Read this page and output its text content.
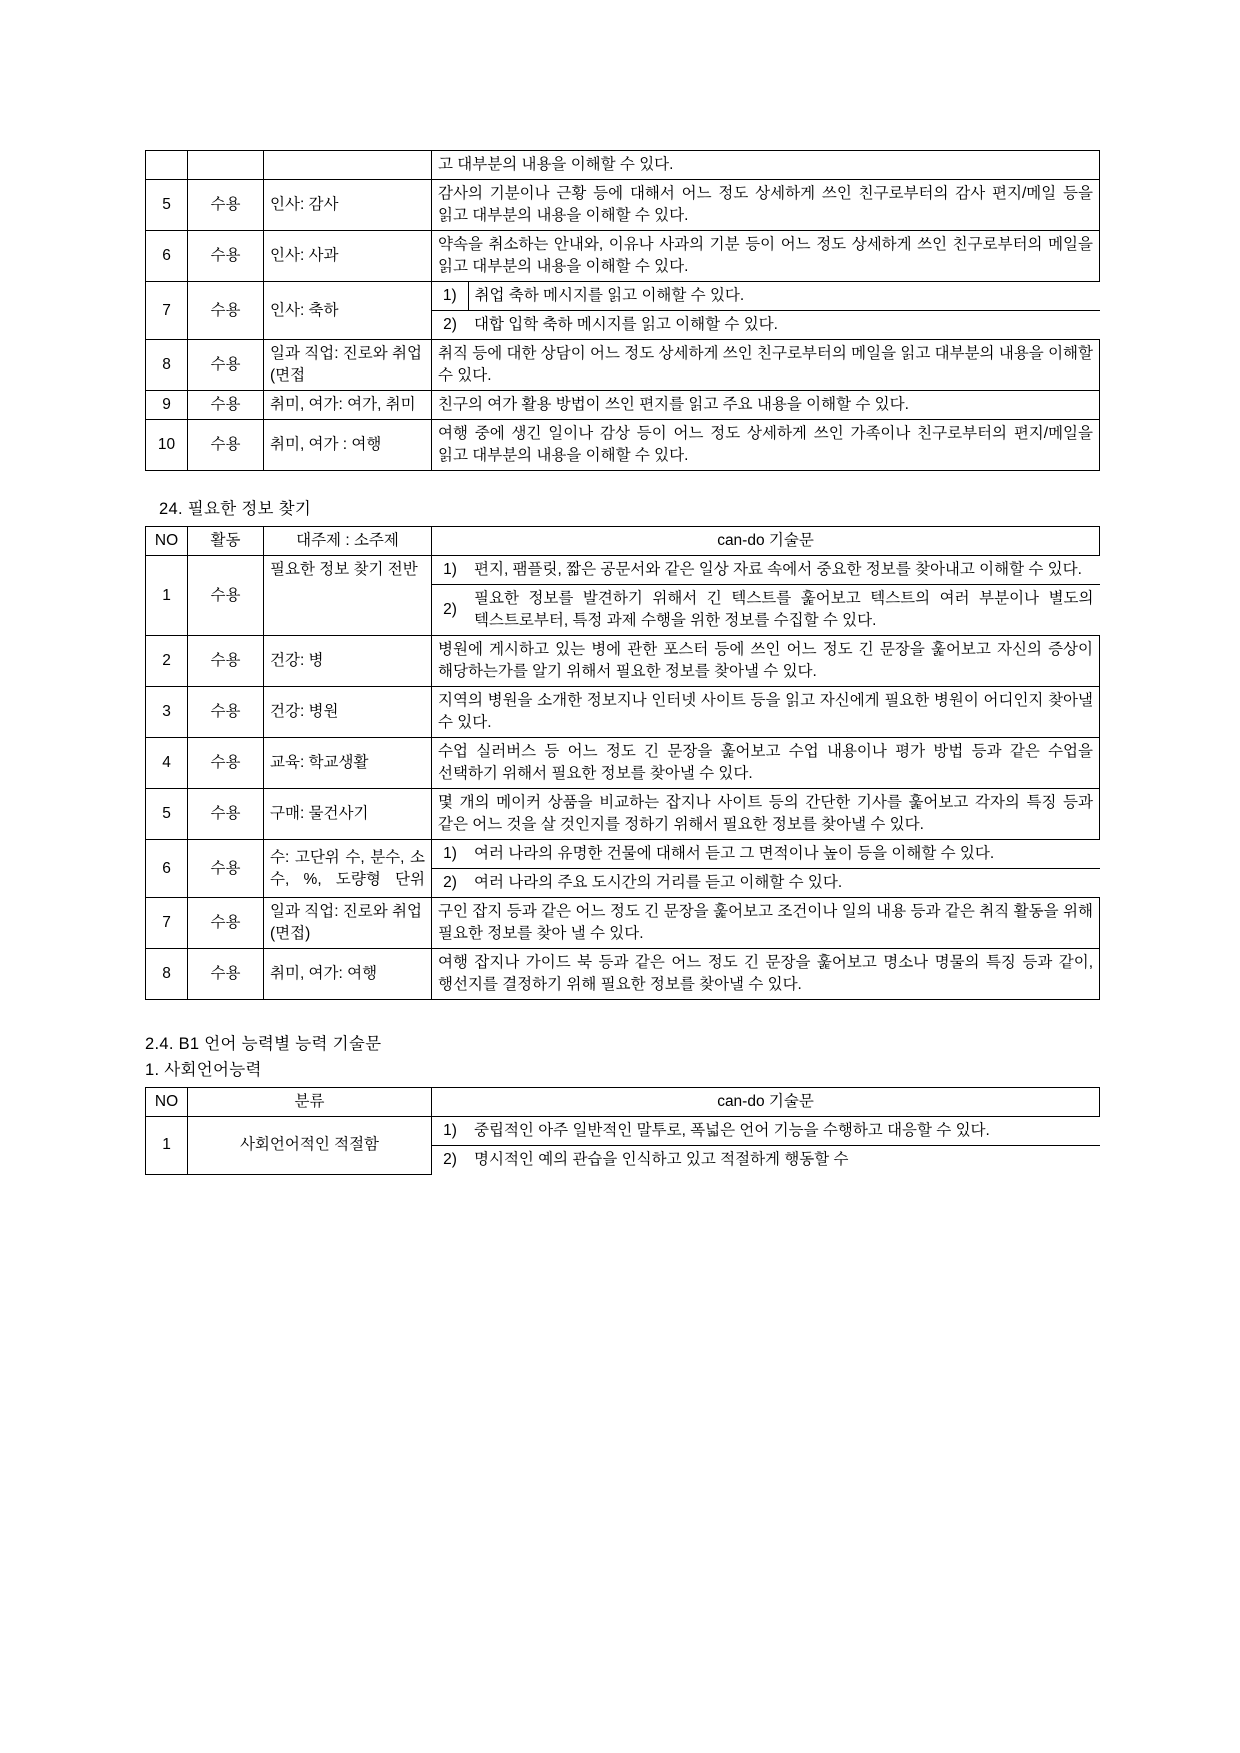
			고 대부분의 내용을 이해할 수 있다.
5	수용	인사: 감사	감사의 기분이나 근황 등에 대해서 어느 정도 상세하게 쓰인 친구로부터의 감사 편지/메일 등을 읽고 대부분의 내용을 이해할 수 있다.
6	수용	인사: 사과	약속을 취소하는 안내와, 이유나 사과의 기분 등이 어느 정도 상세하게 쓰인 친구로부터의 메일을 읽고 대부분의 내용을 이해할 수 있다.
7	수용	인사: 축하	
1)	취업 축하 메시지를 읽고 이해할 수 있다.

2)	대합 입학 축하 메시지를 읽고 이해할 수 있다.

8	수용	일과 직업: 진로와 취업(면접	취직 등에 대한 상담이 어느 정도 상세하게 쓰인 친구로부터의 메일을 읽고 대부분의 내용을 이해할 수 있다.
9	수용	취미, 여가: 여가, 취미	친구의 여가 활용 방법이 쓰인 편지를 읽고 주요 내용을 이해할 수 있다.
10	수용	취미, 여가 : 여행	여행 중에 생긴 일이나 감상 등이 어느 정도 상세하게 쓰인 가족이나 친구로부터의 편지/메일을 읽고 대부분의 내용을 이해할 수 있다.
24. 필요한 정보 찾기
NO	활동	대주제 : 소주제	can-do 기술문
1	수용	필요한 정보 찾기 전반	1)	편지, 팸플릿, 짧은 공문서와 같은 일상 자료 속에서 중요한 정보를 찾아내고 이해할 수 있다.

2)	필요한 정보를 발견하기 위해서 긴 텍스트를 훑어보고 텍스트의 여러 부분이나 별도의 텍스트로부터, 특정 과제 수행을 위한 정보를 수집할 수 있다.

2	수용	건강: 병	병원에 게시하고 있는 병에 관한 포스터 등에 쓰인 어느 정도 긴 문장을 훑어보고 자신의 증상이 해당하는가를 알기 위해서 필요한 정보를 찾아낼 수 있다.
3	수용	건강: 병원	지역의 병원을 소개한 정보지나 인터넷 사이트 등을 읽고 자신에게 필요한 병원이 어디인지 찾아낼 수 있다.
4	수용	교육: 학교생활	수업 실러버스 등 어느 정도 긴 문장을 훑어보고 수업 내용이나 평가 방법 등과 같은 수업을 선택하기 위해서 필요한 정보를 찾아낼 수 있다.
5	수용	구매: 물건사기	몇 개의 메이커 상품을 비교하는 잡지나 사이트 등의 간단한 기사를 훑어보고 각자의 특징 등과 같은 어느 것을 살 것인지를 정하기 위해서 필요한 정보를 찾아낼 수 있다.
6	수용	수: 고단위 수, 분수, 소수, %, 도량형 단위	
1)	여러 나라의 유명한 건물에 대해서 듣고 그 면적이나 높이 등을 이해할 수 있다.

2)	여러 나라의 주요 도시간의 거리를 듣고 이해할 수 있다.

7	수용	일과 직업: 진로와 취업(면접)	구인 잡지 등과 같은 어느 정도 긴 문장을 훑어보고 조건이나 일의 내용 등과 같은 취직 활동을 위해 필요한 정보를 찾아 낼 수 있다.
8	수용	취미, 여가: 여행	여행 잡지나 가이드 북 등과 같은 어느 정도 긴 문장을 훑어보고 명소나 명물의 특징 등과 같이, 행선지를 결정하기 위해 필요한 정보를 찾아낼 수 있다.
2.4. B1 언어 능력별 능력 기술문
1. 사회언어능력
NO	분류	can-do 기술문
1	사회언어적인 적절함	
1)	중립적인 아주 일반적인 말투로, 폭넓은 언어 기능을 수행하고 대응할 수 있다.

2)	명시적인 예의 관습을 인식하고 있고 적절하게 행동할 수
